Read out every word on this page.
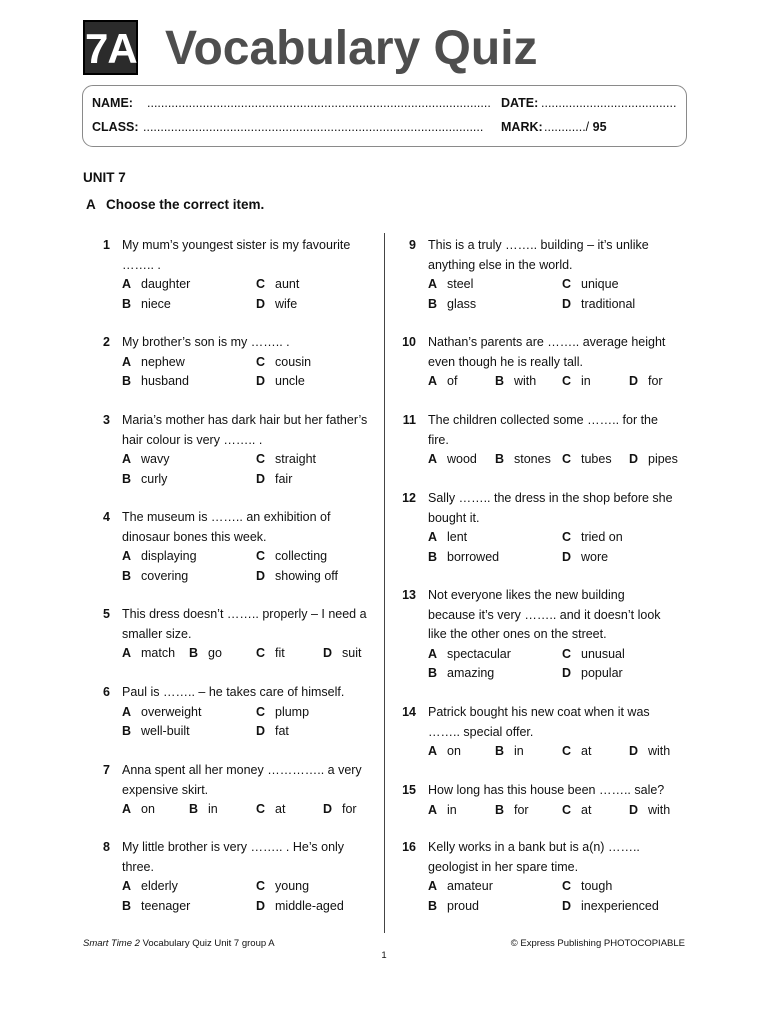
7A Vocabulary Quiz
NAME: ................................................................................................... DATE: .......................................
CLASS: .................................................................................................. MARK: ............/ 95
UNIT 7
A Choose the correct item.
1 My mum’s youngest sister is my favourite
…….. .
A daughter
B niece
C aunt
D wife
2 My brother’s son is my …….. .
A nephew
B husband
C cousin
D uncle
3 Maria’s mother has dark hair but her father’s
hair colour is very …….. .
A wavy
B curly
C straight
D fair
4 The museum is …….. an exhibition of
dinosaur bones this week.
A displaying
B covering
C collecting
D showing off
5 This dress doesn’t …….. properly – I need a
smaller size.
A match B go	C fit	D suit
6 Paul is …….. – he takes care of himself.
A overweight
B well-built
C plump
D fat
7 Anna spent all her money ………….. a very
expensive skirt.
A on	B in	C at	D for
8 My little brother is very …….. . He’s only
three.
A elderly
B teenager
C young
D middle-aged
9 This is a truly …….. building – it’s unlike
anything else in the world.
A steel
B glass
C unique
D traditional
10 Nathan’s parents are …….. average height
even though he is really tall.
A of	B with C in	D for
11 The children collected some …….. for the
fire.
A wood B stones C tubes D pipes
12 Sally …….. the dress in the shop before she
bought it.
A lent
B borrowed
C tried on
D wore
13 Not everyone likes the new building
because it’s very …….. and it doesn’t look
like the other ones on the street.
A spectacular
B amazing
C unusual
D popular
14 Patrick bought his new coat when it was
…….. special offer.
A on	B in	C at	D with
15 How long has this house been …….. sale?
A in	B for	C at	D with
16 Kelly works in a bank but is a(n) ……..
geologist in her spare time.
A amateur
B proud
C tough
D inexperienced
Smart Time 2 Vocabulary Quiz Unit 7 group A	© Express Publishing PHOTOCOPIABLE
1
